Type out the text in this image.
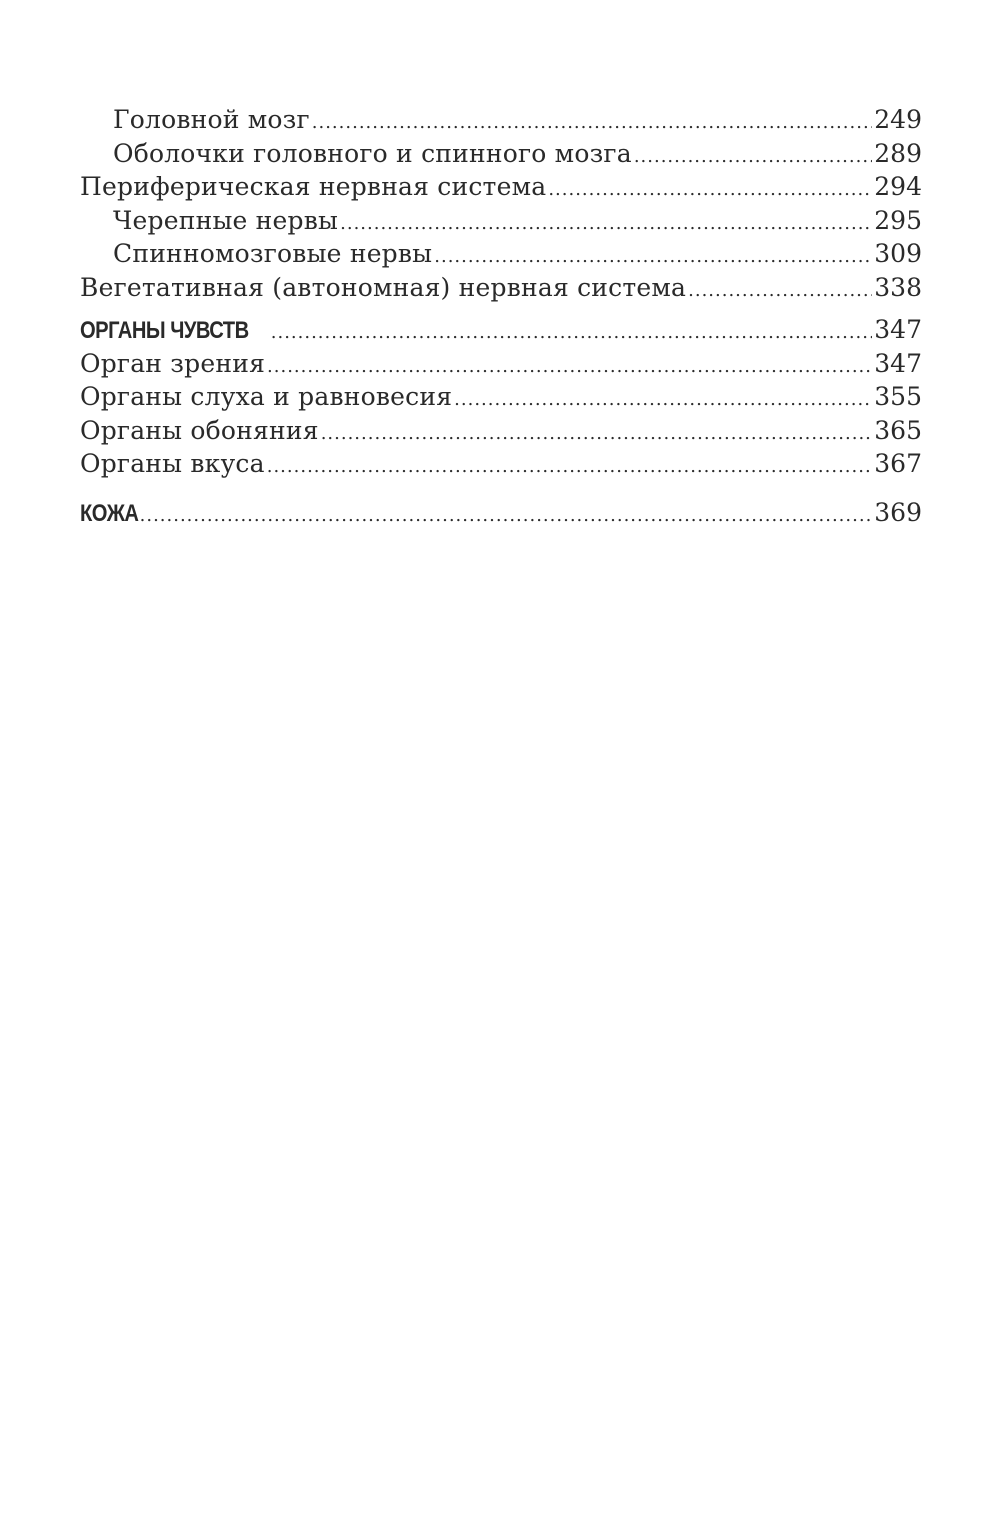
Головной мозг .....	249
Оболочки головного и спинного мозга .....	289
Периферическая нервная система .....	294
Черепные нервы .....	295
Спинномозговые нервы .....	309
Вегетативная (автономная) нервная система .....	338
ОРГАНЫ ЧУВСТВ .....	347
Орган зрения .....	347
Органы слуха и равновесия .....	355
Органы обоняния .....	365
Органы вкуса .....	367
КОЖА .....	369
